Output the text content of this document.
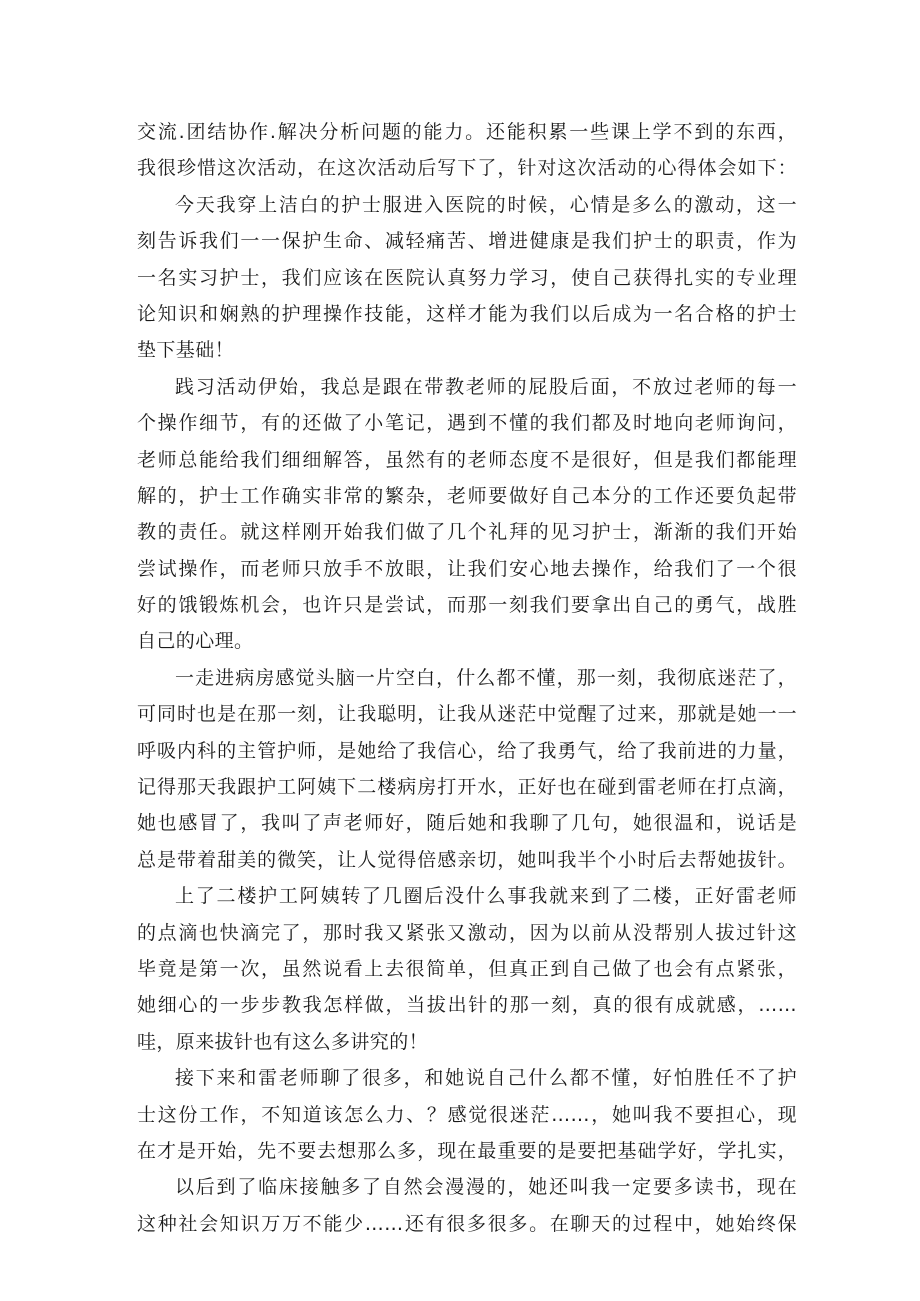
交流.团结协作.解决分析问题的能力。还能积累一些课上学不到的东西，
我很珍惜这次活动，在这次活动后写下了，针对这次活动的心得体会如下：
今天我穿上洁白的护士服进入医院的时候，心情是多么的激动，这一
刻告诉我们一一保护生命、减轻痛苦、增进健康是我们护士的职责，作为
一名实习护士，我们应该在医院认真努力学习，使自己获得扎实的专业理
论知识和娴熟的护理操作技能，这样才能为我们以后成为一名合格的护士
垫下基础！
践习活动伊始，我总是跟在带教老师的屁股后面，不放过老师的每一
个操作细节，有的还做了小笔记，遇到不懂的我们都及时地向老师询问，
老师总能给我们细细解答，虽然有的老师态度不是很好，但是我们都能理
解的，护士工作确实非常的繁杂，老师要做好自己本分的工作还要负起带
教的责任。就这样刚开始我们做了几个礼拜的见习护士，渐渐的我们开始
尝试操作，而老师只放手不放眼，让我们安心地去操作，给我们了一个很
好的饿锻炼机会，也许只是尝试，而那一刻我们要拿出自己的勇气，战胜
自己的心理。
一走进病房感觉头脑一片空白，什么都不懂，那一刻，我彻底迷茫了，
可同时也是在那一刻，让我聪明，让我从迷茫中觉醒了过来，那就是她一一
呼吸内科的主管护师，是她给了我信心，给了我勇气，给了我前进的力量，
记得那天我跟护工阿姨下二楼病房打开水，正好也在碰到雷老师在打点滴，
她也感冒了，我叫了声老师好，随后她和我聊了几句，她很温和，说话是
总是带着甜美的微笑，让人觉得倍感亲切，她叫我半个小时后去帮她拔针。
上了二楼护工阿姨转了几圈后没什么事我就来到了二楼，正好雷老师
的点滴也快滴完了，那时我又紧张又激动，因为以前从没帮别人拔过针这
毕竟是第一次，虽然说看上去很简单，但真正到自己做了也会有点紧张，
她细心的一步步教我怎样做，当拔出针的那一刻，真的很有成就感，……
哇，原来拔针也有这么多讲究的！
接下来和雷老师聊了很多，和她说自己什么都不懂，好怕胜任不了护
士这份工作，不知道该怎么力、？感觉很迷茫……，她叫我不要担心，现
在才是开始，先不要去想那么多，现在最重要的是要把基础学好，学扎实，
以后到了临床接触多了自然会漫漫的，她还叫我一定要多读书，现在
这种社会知识万万不能少……还有很多很多。在聊天的过程中，她始终保
